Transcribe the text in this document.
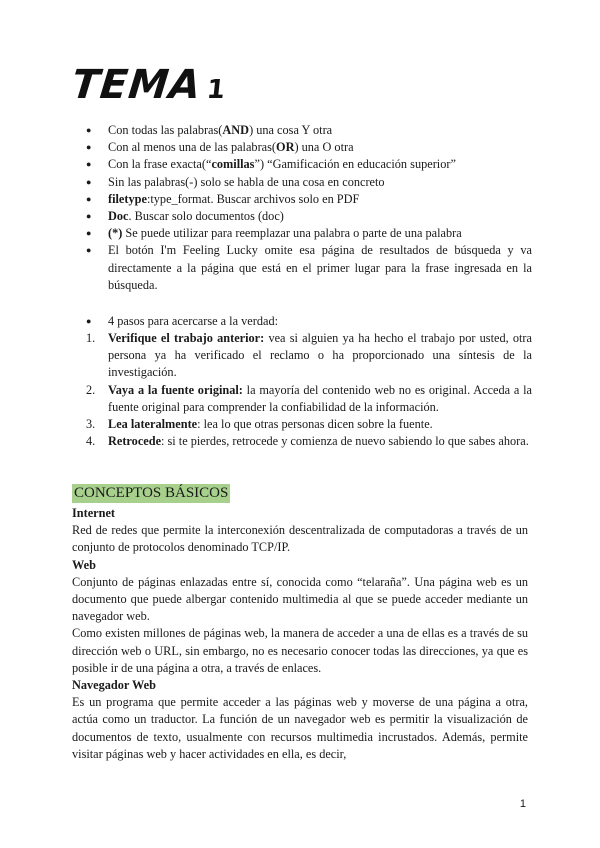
TEMA1
● Con todas las palabras(AND) una cosa Y otra
● Con al menos una de las palabras(OR) una O otra
● Con la frase exacta(“comillas”) “Gamificación en educación superior”
● Sin las palabras(-) solo se habla de una cosa en concreto
● filetype:type_format. Buscar archivos solo en PDF
● Doc. Buscar solo documentos (doc)
● (*) Se puede utilizar para reemplazar una palabra o parte de una palabra
● El botón I'm Feeling Lucky omite esa página de resultados de búsqueda y va directamente a la página que está en el primer lugar para la frase ingresada en la búsqueda.
● 4 pasos para acercarse a la verdad:
1. Verifique el trabajo anterior: vea si alguien ya ha hecho el trabajo por usted, otra persona ya ha verificado el reclamo o ha proporcionado una síntesis de la investigación.
2. Vaya a la fuente original: la mayoría del contenido web no es original. Acceda a la fuente original para comprender la confiabilidad de la información.
3. Lea lateralmente: lea lo que otras personas dicen sobre la fuente.
4. Retrocede: si te pierdes, retrocede y comienza de nuevo sabiendo lo que sabes ahora.
CONCEPTOS BÁSICOS
Internet

Red de redes que permite la interconexión descentralizada de computadoras a través de un conjunto de protocolos denominado TCP/IP.

Web

Conjunto de páginas enlazadas entre sí, conocida como “telaraña”. Una página web es un documento que puede albergar contenido multimedia al que se puede acceder mediante un navegador web.

Como existen millones de páginas web, la manera de acceder a una de ellas es a través de su dirección web o URL, sin embargo, no es necesario conocer todas las direcciones, ya que es posible ir de una página a otra, a través de enlaces.

Navegador Web

Es un programa que permite acceder a las páginas web y moverse de una página a otra, actúa como un traductor. La función de un navegador web es permitir la visualización de documentos de texto, usualmente con recursos multimedia incrustados. Además, permite visitar páginas web y hacer actividades en ella, es decir,

1
